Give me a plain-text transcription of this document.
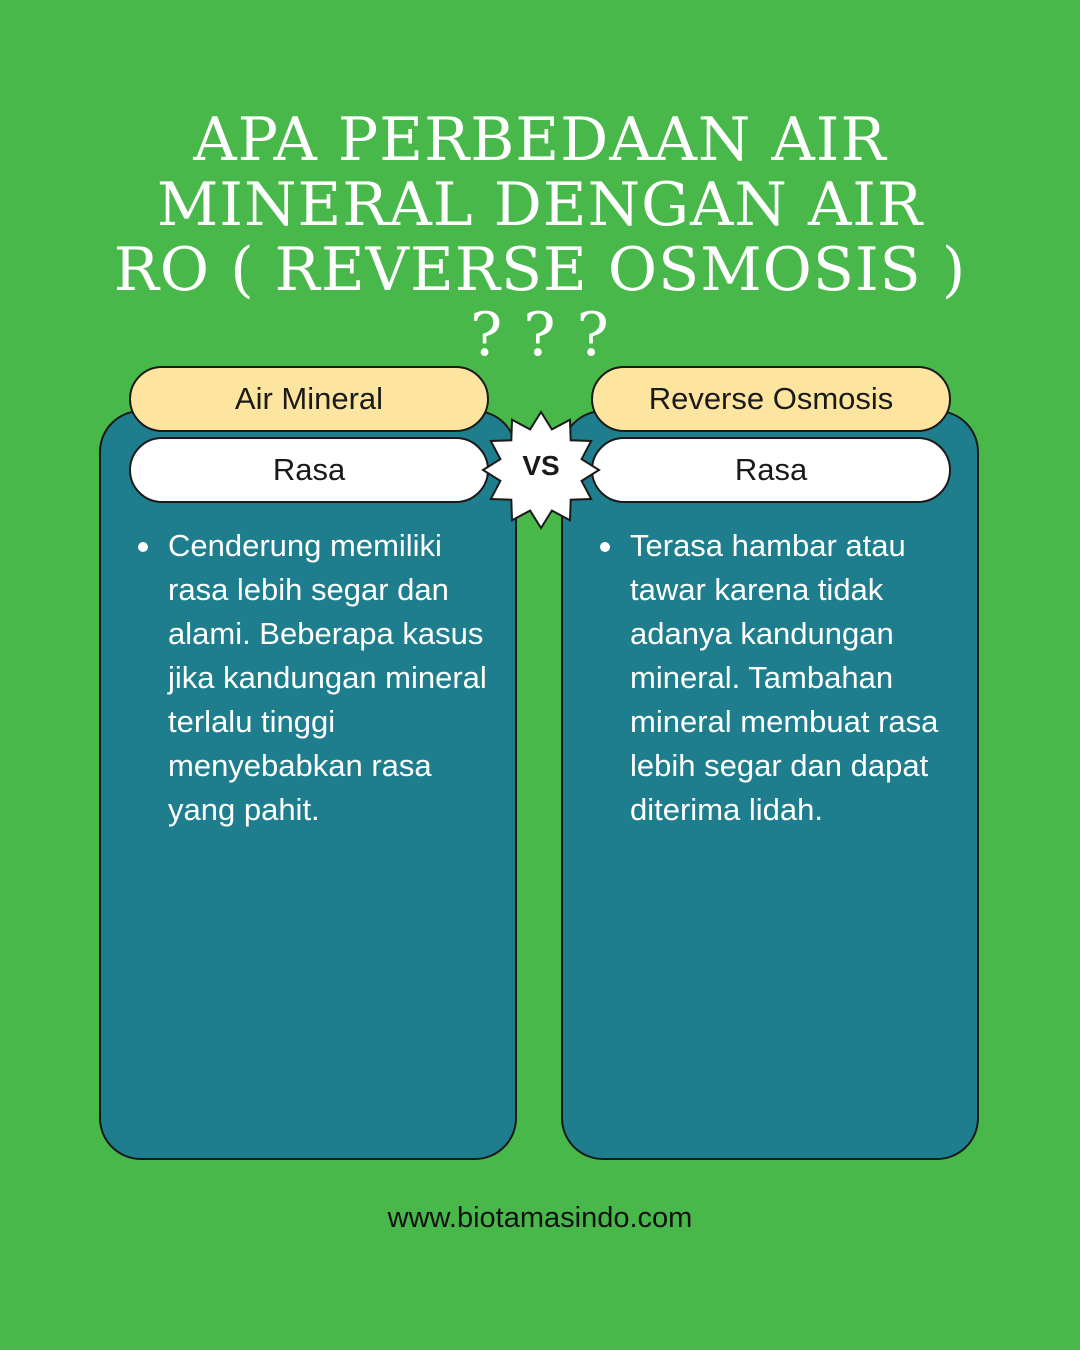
APA PERBEDAAN AIR
MINERAL DENGAN AIR
RO ( REVERSE OSMOSIS )
? ? ?
Air Mineral	Reverse Osmosis
Rasa	Rasa
VS
Cenderung memiliki rasa lebih segar dan alami. Beberapa kasus jika kandungan mineral terlalu tinggi menyebabkan rasa yang pahit.
Terasa hambar atau tawar karena tidak adanya kandungan mineral. Tambahan mineral membuat rasa lebih segar dan dapat diterima lidah.
www.biotamasindo.com
